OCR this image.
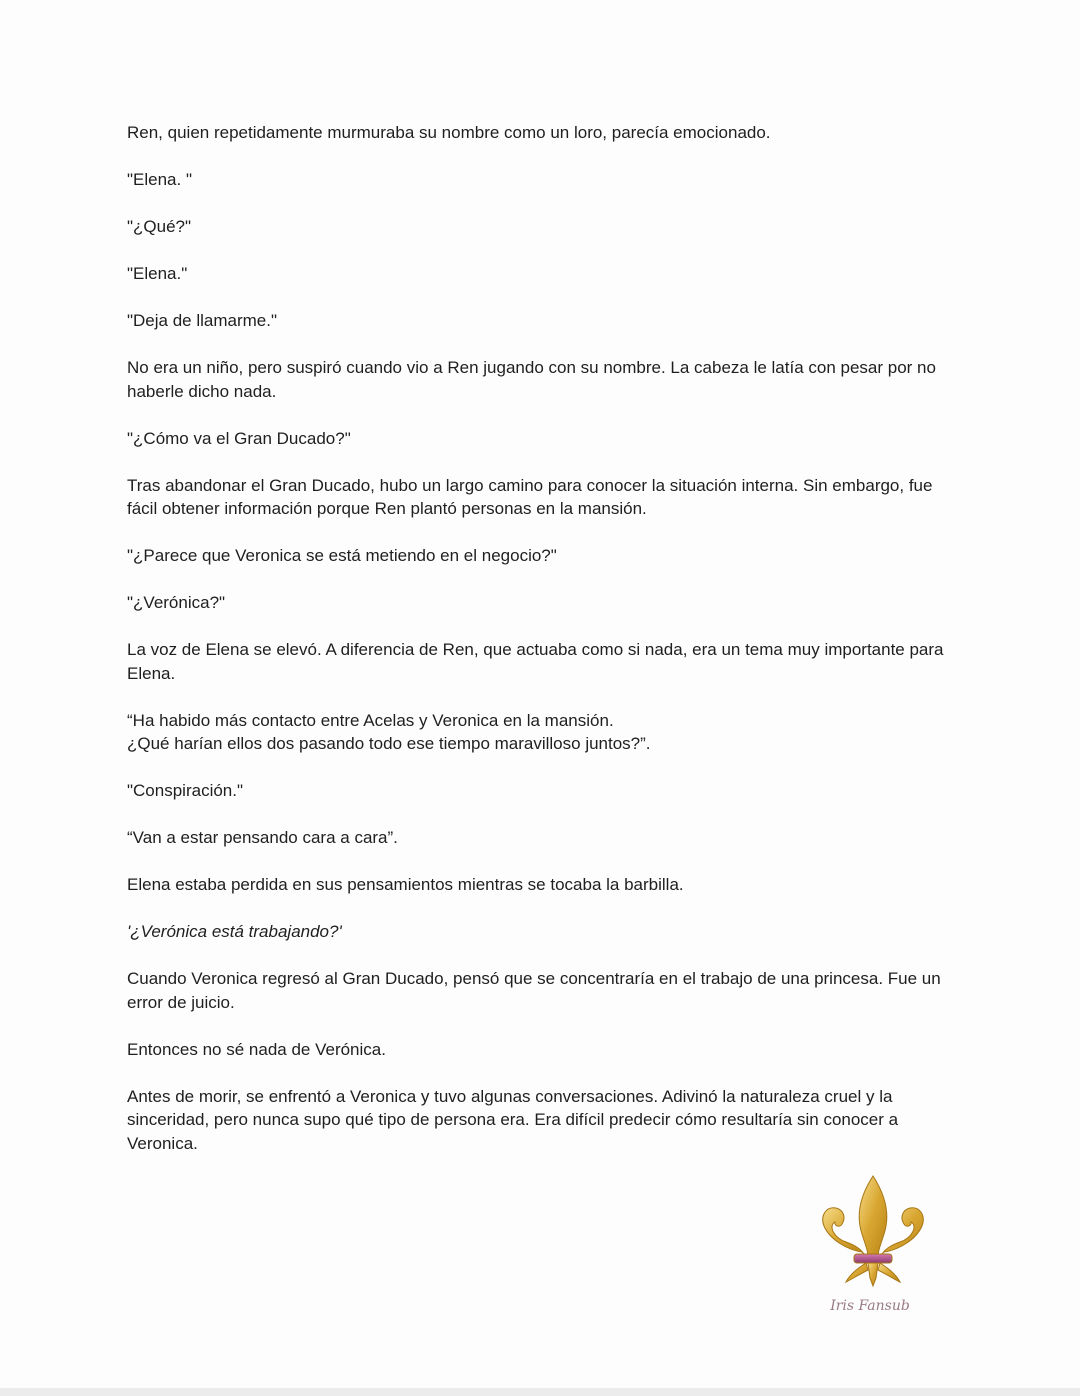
Ren, quien repetidamente murmuraba su nombre como un loro, parecía emocionado.

"Elena. "

"¿Qué?"

"Elena."

"Deja de llamarme."

No era un niño, pero suspiró cuando vio a Ren jugando con su nombre. La cabeza le latía con pesar por no haberle dicho nada.

"¿Cómo va el Gran Ducado?"

Tras abandonar el Gran Ducado, hubo un largo camino para conocer la situación interna. Sin embargo, fue fácil obtener información porque Ren plantó personas en la mansión.

"¿Parece que Veronica se está metiendo en el negocio?"

"¿Verónica?"

La voz de Elena se elevó. A diferencia de Ren, que actuaba como si nada, era un tema muy importante para Elena.

“Ha habido más contacto entre Acelas y Veronica en la mansión.
¿Qué harían ellos dos pasando todo ese tiempo maravilloso juntos?”.

"Conspiración."

“Van a estar pensando cara a cara”.

Elena estaba perdida en sus pensamientos mientras se tocaba la barbilla.

'¿Verónica está trabajando?'

Cuando Veronica regresó al Gran Ducado, pensó que se concentraría en el trabajo de una princesa. Fue un error de juicio.

Entonces no sé nada de Verónica.

Antes de morir, se enfrentó a Veronica y tuvo algunas conversaciones. Adivinó la naturaleza cruel y la sinceridad, pero nunca supo qué tipo de persona era. Era difícil predecir cómo resultaría sin conocer a Veronica.

Iris Fansub
